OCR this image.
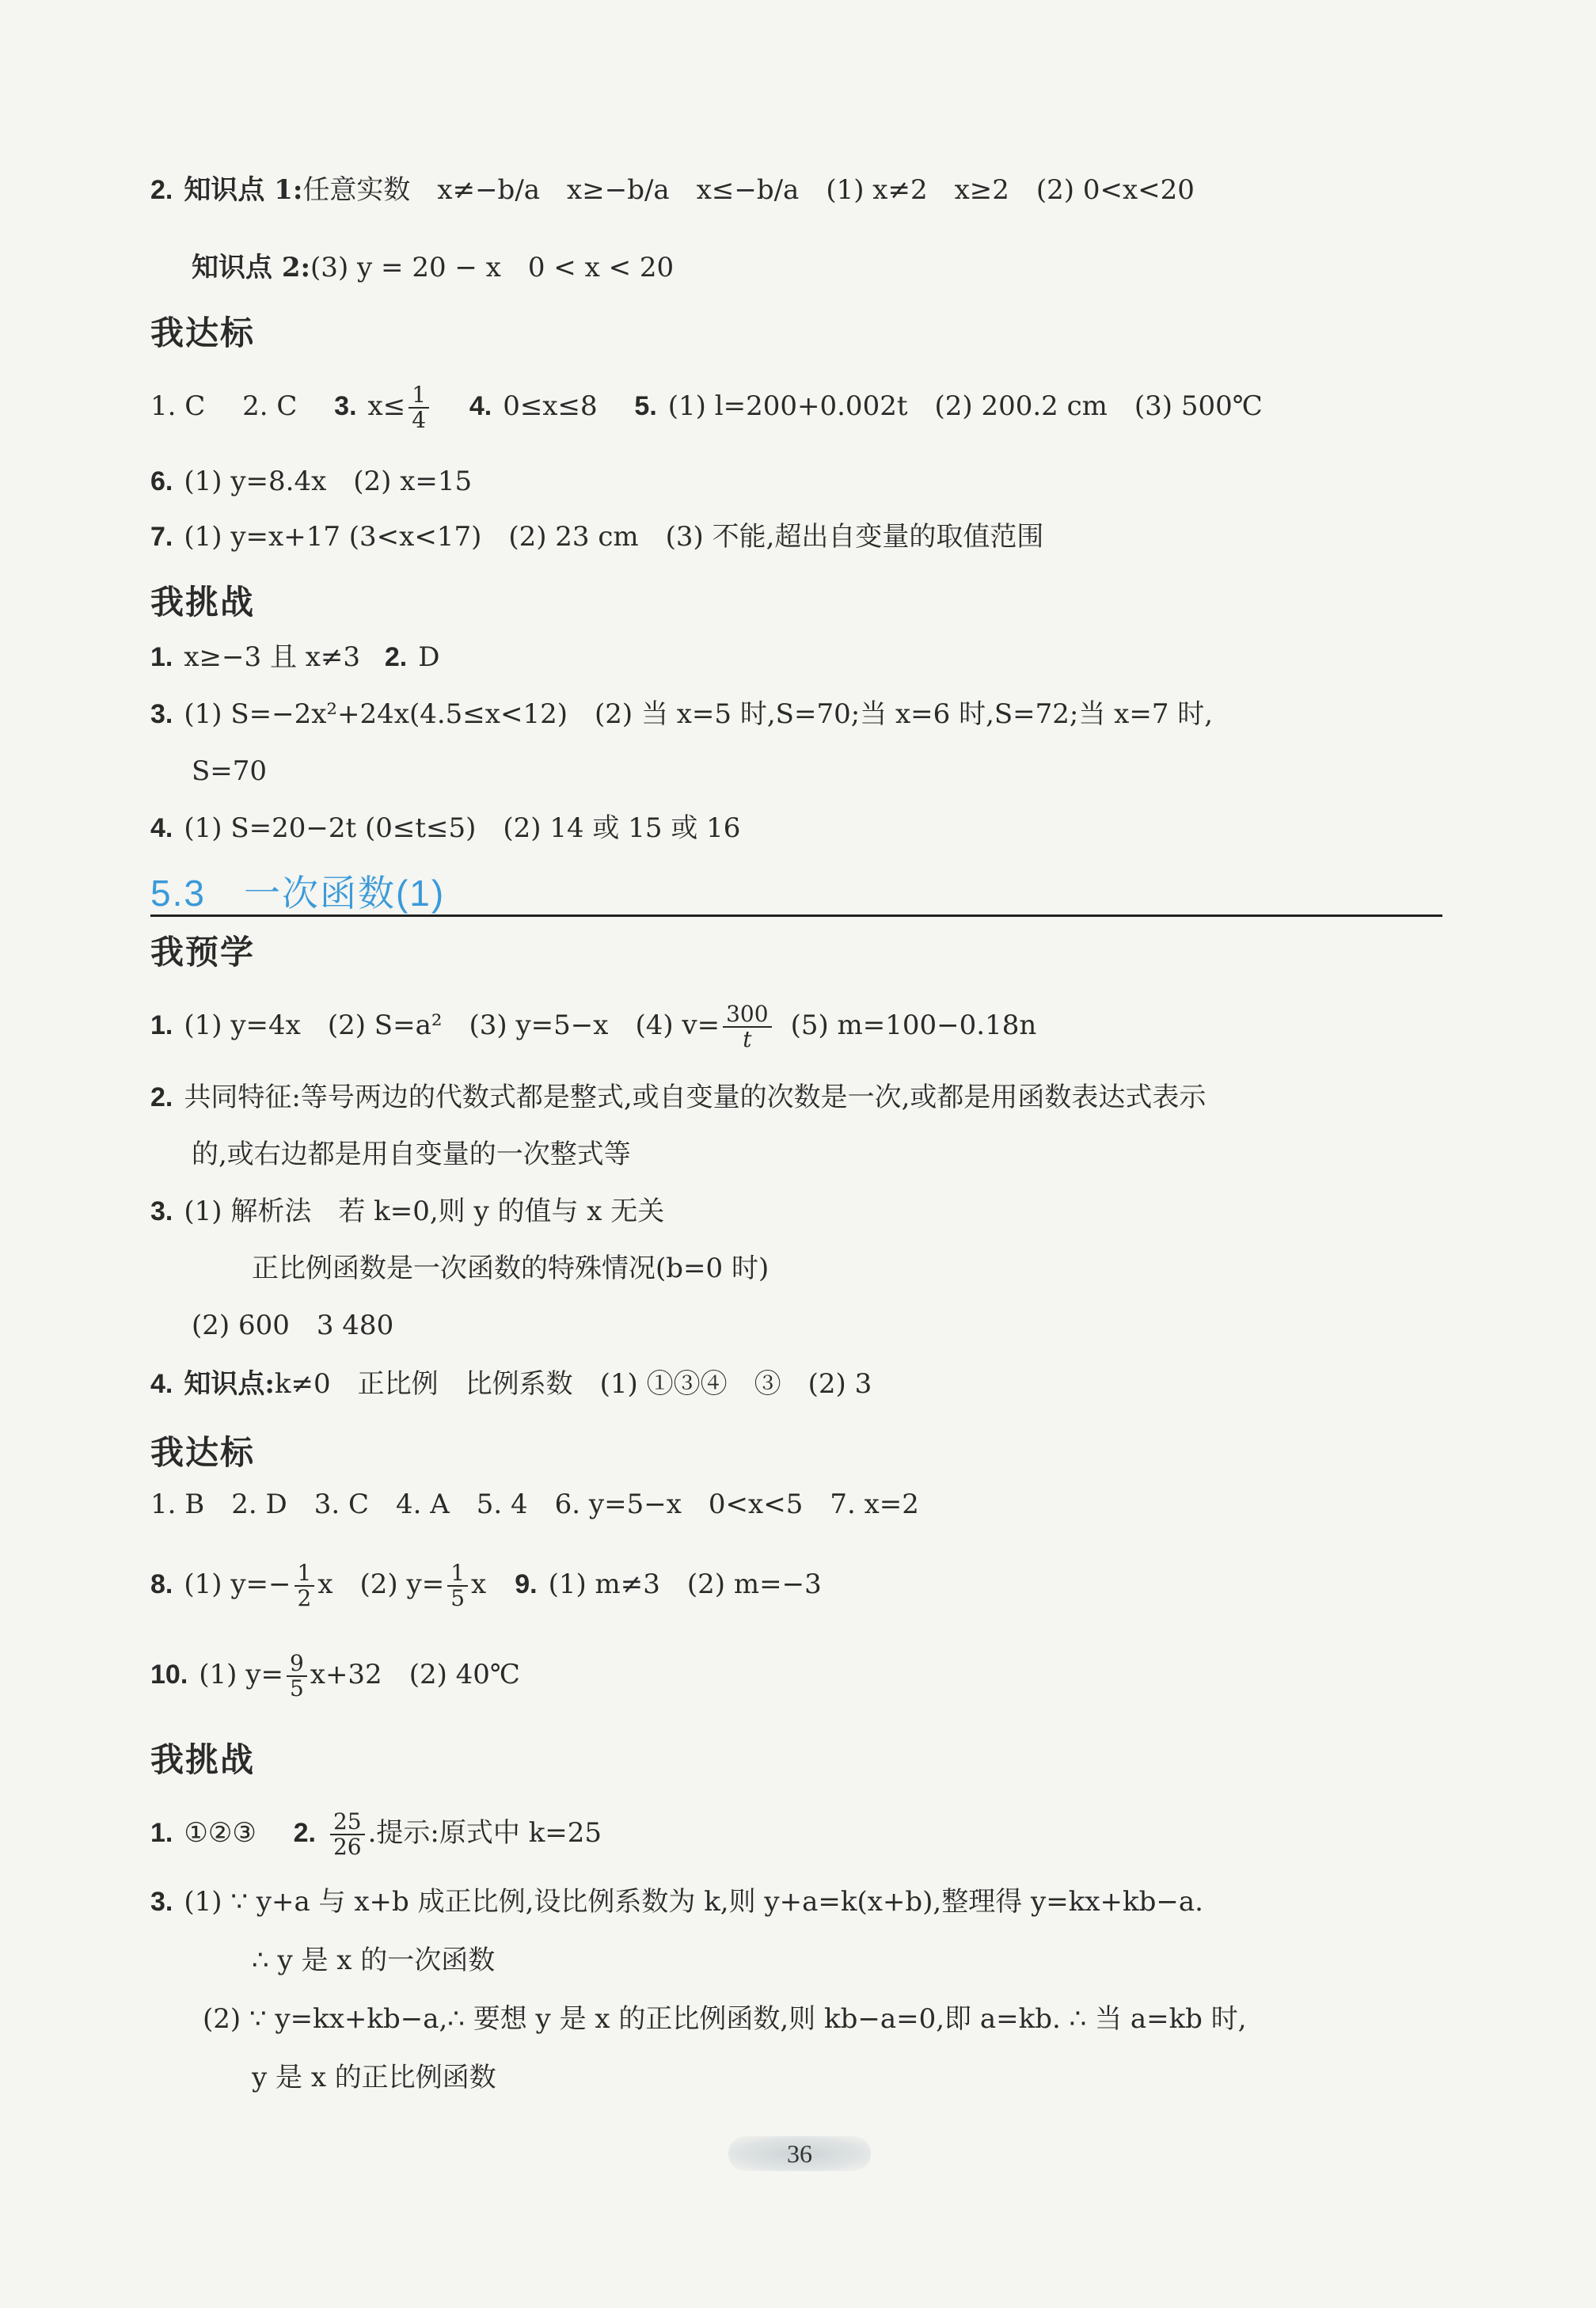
2. 知识点 1:任意实数　x≠−b/a　x≥−b/a　x≤−b/a　(1) x≠2　x≥2　(2) 0<x<20
知识点 2:(3) y = 20 − x　0 < x < 20
我达标
1. C 2. C 3. $x\le \frac{1}{4} 4$. 0≤x≤8 5. (1) l=200+0.002t　(2) 200.2 cm　(3) 500℃
6. (1) y=8.4x　(2) x=15
7. (1) y=x+17 (3<x<17)　(2) 23 cm　(3) 不能,超出自变量的取值范围
我挑战
1. x≥−3 且 x≠3 2. D
3. (1) S=−2x²+24x(4.5≤x<12)　(2) 当 x=5 时,S=70;当 x=6 时,S=72;当 x=7 时,
S=70
4. (1) S=20−2t (0≤t≤5)　(2) 14 或 15 或 16
5.3　一次函数(1)
我预学
1. (1) y=4x　(2) S=a²　(3) y=5−x　(4) $v= \frac{300}{t} (5)$ m=100−0.18n
2. 共同特征:等号两边的代数式都是整式,或自变量的次数是一次,或都是用函数表达式表示
的,或右边都是用自变量的一次整式等
3. (1) 解析法　若 k=0,则 y 的值与 x 无关
正比例函数是一次函数的特殊情况(b=0 时)
(2) 600　3 480
4. 知识点:k≠0　正比例　比例系数　(1) ①③④　③　(2) 3
我达标
1. B　2. D　3. C　4. A　5. 4　6. y=5−x　0<x<5　7. x=2
8. (1) $y=- \frac{1}{2}$ x　(2) $y= \frac{1}{5}$ x 9. (1) m≠3　(2) m=−3
10. (1) $y= \frac{9}{5} x+32$　(2) 40℃
我挑战
1. ①②③ 2. $\frac{25}{26}$ .提示:原式中 k=25
3. (1) ∵ y+a 与 x+b 成正比例,设比例系数为 k,则 y+a=k(x+b),整理得 y=kx+kb−a.
∴ y 是 x 的一次函数
(2) ∵ y=kx+kb−a,∴ 要想 y 是 x 的正比例函数,则 kb−a=0,即 a=kb. ∴ 当 a=kb 时,
y 是 x 的正比例函数
36
